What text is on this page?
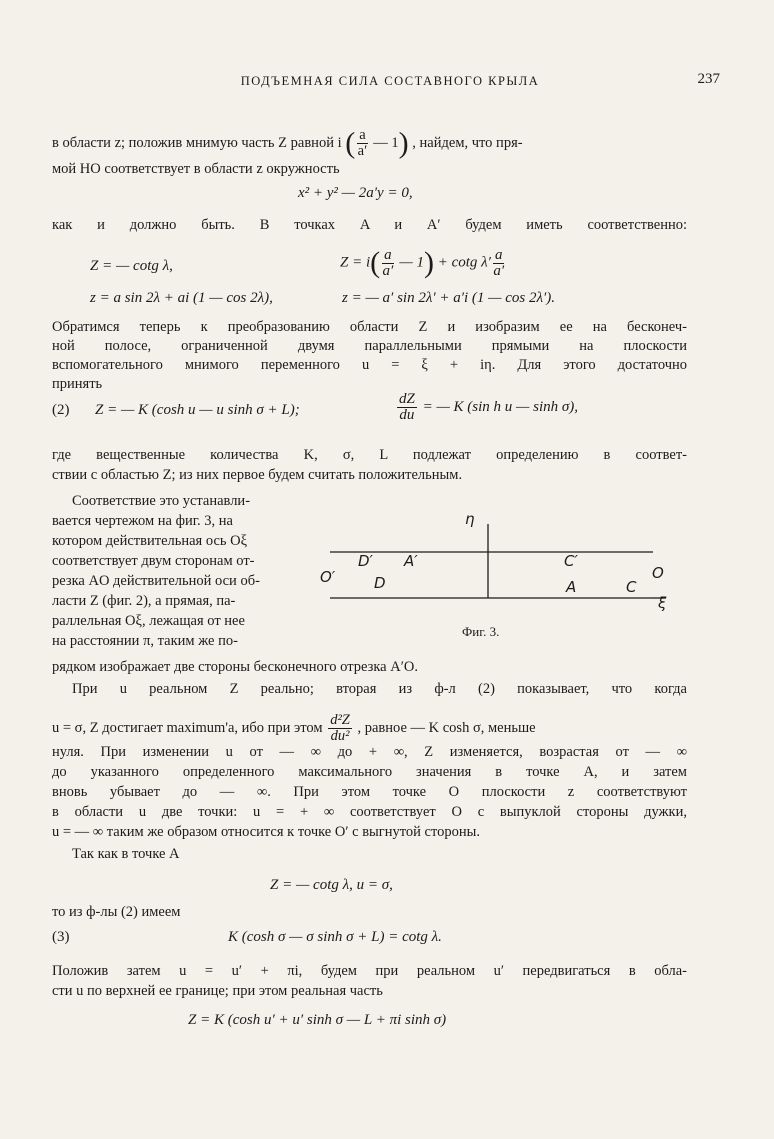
ПОДЪЕМНАЯ СИЛА СОСТАВНОГО КРЫЛА	237
в области z; положив мнимую часть Z равной i ( $\frac{a}{a'}$ — 1) , найдем, что пря-
мой НО соответствует в области z окружность
x² + y² — 2a′y = 0,
как и должно быть. В точках A и A′ будем иметь соответственно:
Z = — cotg λ,	$Z = i( \frac{a}{a'}$ — 1) + cotg $\lambda' \frac{a}{a'}$
z = a sin 2λ + ai (1 — cos 2λ),	z = — a′ sin 2λ′ + a′i (1 — cos 2λ′).
Обратимся теперь к преобразованию области Z и изобразим ее на бесконеч-
ной полосе, ограниченной двумя параллельными прямыми на плоскости
вспомогательного мнимого переменного u = ξ + iη. Для этого достаточно
принять
(2) Z = — K (cosh u — u sinh σ + L);	$\frac{dZ}{du}$ = — K (sin h u — sinh σ),
где вещественные количества K, σ, L подлежат определению в соответ-
ствии с областью Z; из них первое будем считать положительным.
Соответствие это устанавли-
вается чертежом на фиг. 3, на
котором действительная ось Oξ
соответствует двум сторонам от-
резка AO действительной оси об-
ласти Z (фиг. 2), а прямая, па-
раллельная Oξ, лежащая от нее
на расстоянии π, таким же по-
η
D′ A′	C′
O′	D	A	C
O
ξ
Фиг. 3.
рядком изображает две стороны бесконечного отрезка A′O.
При u реальном Z реально; вторая из ф-л (2) показывает, что когда
u = σ, Z достигает maximum'а, ибо при этом $\frac{\text{d²Z}}{\text{du²}}$ , равное — K cosh σ, меньше
нуля. При изменении u от — ∞ до + ∞, Z изменяется, возрастая от — ∞
до указанного определенного максимального значения в точке A, и затем
вновь убывает до — ∞. При этом точке O плоскости z соответствуют
в области u две точки: u = + ∞ соответствует O с выпуклой стороны дужки,
u = — ∞ таким же образом относится к точке O′ с выгнутой стороны.
Так как в точке A
Z = — cotg λ, u = σ,
то из ф-лы (2) имеем
(3)	K (cosh σ — σ sinh σ + L) = cotg λ.
Положив затем u = u′ + πi, будем при реальном u′ передвигаться в обла-
сти u по верхней ее границе; при этом реальная часть
Z = K (cosh u′ + u′ sinh σ — L + πi sinh σ)
